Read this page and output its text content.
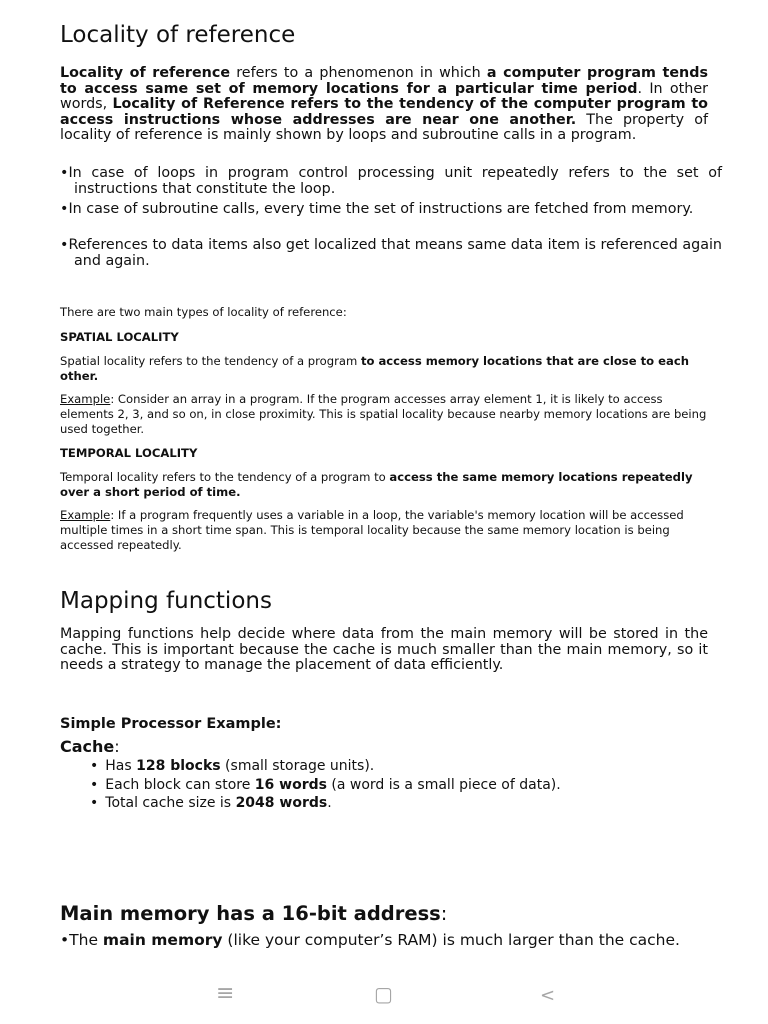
Locality of reference
Locality of reference refers to a phenomenon in which a computer program tends to access same set of memory locations for a particular time period. In other words, Locality of Reference refers to the tendency of the computer program to access instructions whose addresses are near one another. The property of locality of reference is mainly shown by loops and subroutine calls in a program.
•In case of loops in program control processing unit repeatedly refers to the set of instructions that constitute the loop.
•In case of subroutine calls, every time the set of instructions are fetched from memory.
•References to data items also get localized that means same data item is referenced again and again.
There are two main types of locality of reference:
SPATIAL LOCALITY
Spatial locality refers to the tendency of a program to access memory locations that are close to each other.
Example: Consider an array in a program. If the program accesses array element 1, it is likely to access elements 2, 3, and so on, in close proximity. This is spatial locality because nearby memory locations are being used together.
TEMPORAL LOCALITY
Temporal locality refers to the tendency of a program to access the same memory locations repeatedly over a short period of time.
Example: If a program frequently uses a variable in a loop, the variable's memory location will be accessed multiple times in a short time span. This is temporal locality because the same memory location is being accessed repeatedly.
Mapping functions
Mapping functions help decide where data from the main memory will be stored in the cache. This is important because the cache is much smaller than the main memory, so it needs a strategy to manage the placement of data efficiently.
Simple Processor Example:
Cache:
• Has 128 blocks (small storage units).
• Each block can store 16 words (a word is a small piece of data).
• Total cache size is 2048 words.
Main memory has a 16-bit address:
•The main memory (like your computer’s RAM) is much larger than the cache.
≡	▢	<
